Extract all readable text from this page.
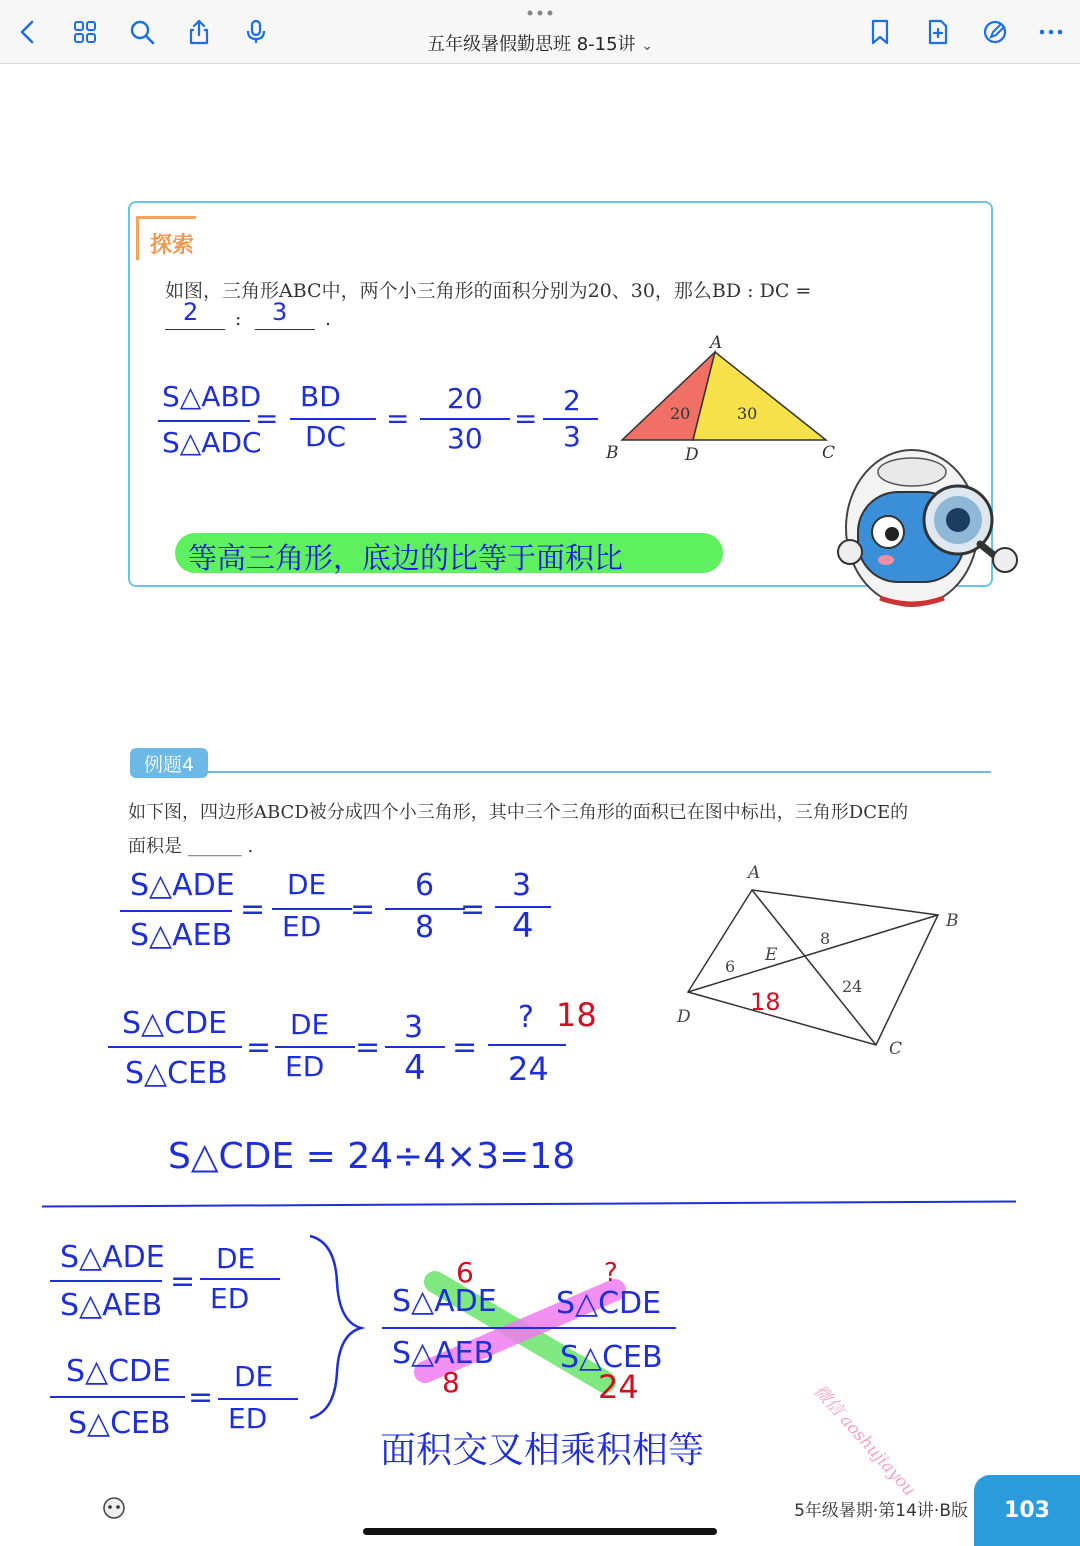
五年级暑假勤思班 8-15讲 ⌄
探索
如图，三角形ABC中，两个小三角形的面积分别为20、30，那么BD : DC =
2 : 3 .
S△ABD
S△ADC
=
BD
DC
=
20
30
=
2
3
A
B	C
D
20	30
等高三角形，底边的比等于面积比
例题4
如下图，四边形ABCD被分成四个小三角形，其中三个三角形的面积已在图中标出，三角形DCE的
面积是 ______ .
A
B
C
D
E
6
8
24
18
S△ADE
S△AEB
=
DE
ED =
6
8
=
3
4
S△CDE
S△CEB
=
DE
ED
=
3
4
=
? 18
24
S△CDE = 24÷4×3=18
S△ADE
S△AEB
=
DE
ED
S△CDE
S△CEB
=
DE
ED
S△ADE
S△AEB
S△CDE
S△CEB
6
8
?
24
面积交叉相乘积相等	微信 aoshujiayou
5年级暑期·第14讲·B版 103
